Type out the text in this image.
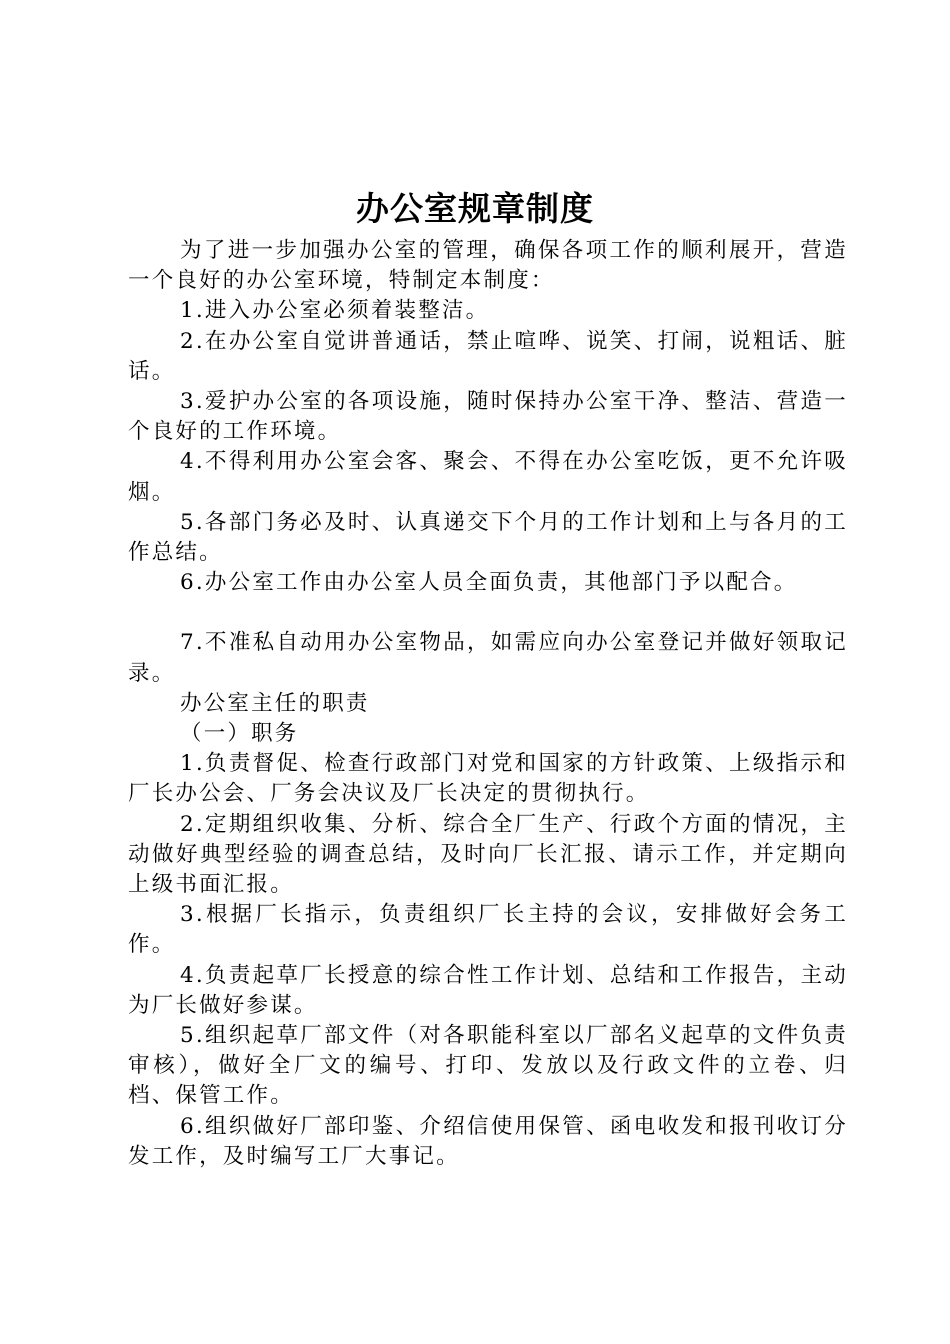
办公室规章制度

为了进一步加强办公室的管理，确保各项工作的顺利展开，营造一个良好的办公室环境，特制定本制度：

1.进入办公室必须着装整洁。

2.在办公室自觉讲普通话，禁止喧哗、说笑、打闹，说粗话、脏话。

3.爱护办公室的各项设施，随时保持办公室干净、整洁、营造一个良好的工作环境。

4.不得利用办公室会客、聚会、不得在办公室吃饭，更不允许吸烟。

5.各部门务必及时、认真递交下个月的工作计划和上与各月的工作总结。

6.办公室工作由办公室人员全面负责，其他部门予以配合。

7.不准私自动用办公室物品，如需应向办公室登记并做好领取记录。

办公室主任的职责

（一）职务

1.负责督促、检查行政部门对党和国家的方针政策、上级指示和厂长办公会、厂务会决议及厂长决定的贯彻执行。

2.定期组织收集、分析、综合全厂生产、行政个方面的情况，主动做好典型经验的调查总结，及时向厂长汇报、请示工作，并定期向上级书面汇报。

3.根据厂长指示，负责组织厂长主持的会议，安排做好会务工作。

4.负责起草厂长授意的综合性工作计划、总结和工作报告，主动为厂长做好参谋。

5.组织起草厂部文件（对各职能科室以厂部名义起草的文件负责审核），做好全厂文的编号、打印、发放以及行政文件的立卷、归档、保管工作。

6.组织做好厂部印鉴、介绍信使用保管、函电收发和报刊收订分发工作，及时编写工厂大事记。
